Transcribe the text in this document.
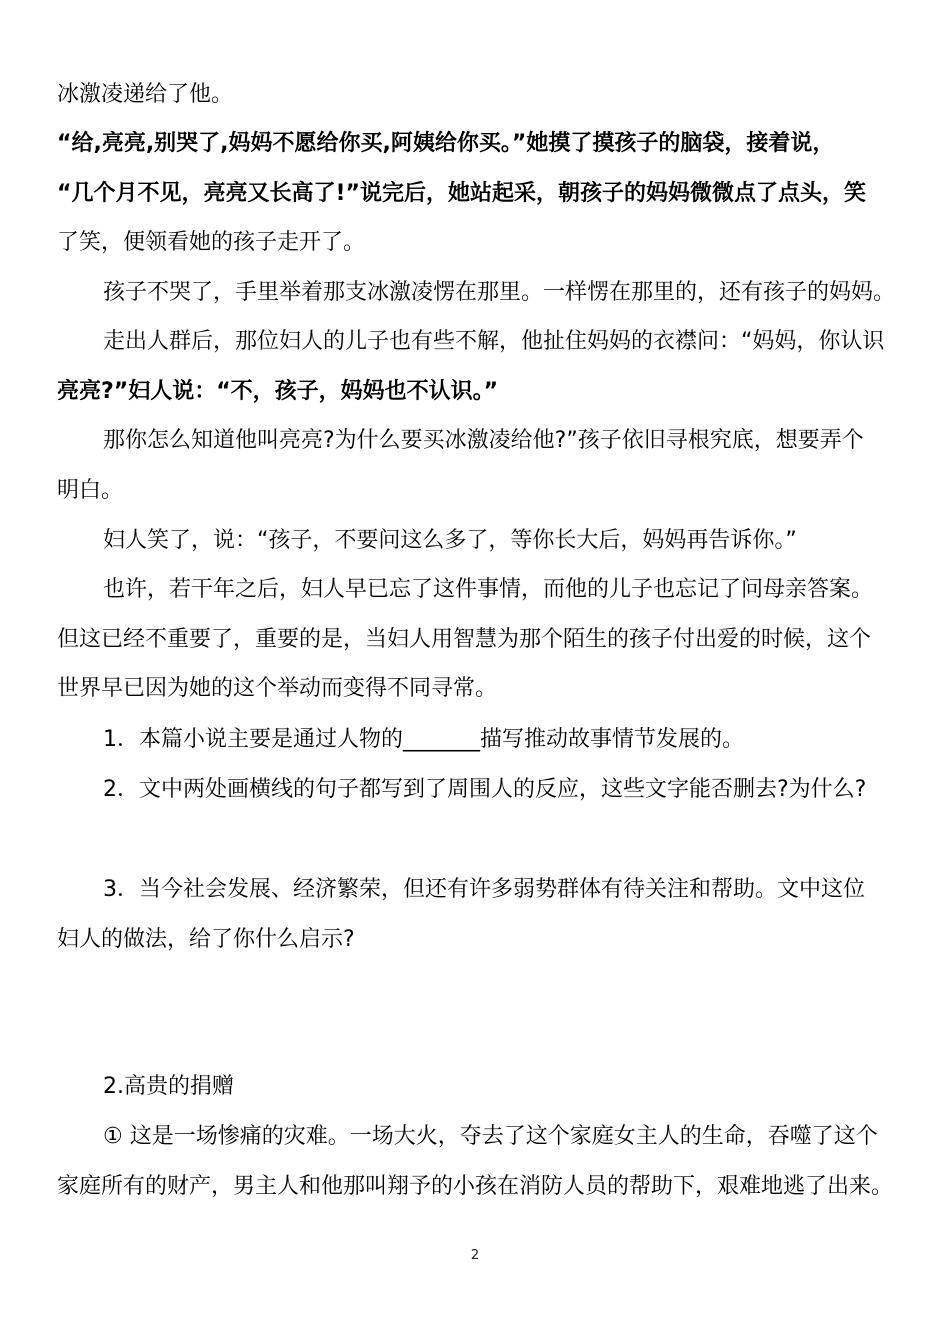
冰激凌递给了他。
“给,亮亮,别哭了,妈妈不愿给你买,阿姨给你买。”她摸了摸孩子的脑袋，接着说，
“几个月不见，亮亮又长高了!”说完后，她站起采，朝孩子的妈妈微微点了点头，笑
了笑，便领看她的孩子走开了。
孩子不哭了，手里举着那支冰激凌愣在那里。一样愣在那里的，还有孩子的妈妈。
走出人群后，那位妇人的儿子也有些不解，他扯住妈妈的衣襟问：“妈妈，你认识
亮亮?”妇人说：“不，孩子，妈妈也不认识。”
那你怎么知道他叫亮亮?为什么要买冰激凌给他?”孩子依旧寻根究底，想要弄个
明白。
妇人笑了，说：“孩子，不要问这么多了，等你长大后，妈妈再告诉你。”
也许，若干年之后，妇人早已忘了这件事情，而他的儿子也忘记了问母亲答案。
但这已经不重要了，重要的是，当妇人用智慧为那个陌生的孩子付出爱的时候，这个
世界早已因为她的这个举动而变得不同寻常。
1．本篇小说主要是通过人物的_______描写推动故事情节发展的。
2．文中两处画横线的句子都写到了周围人的反应，这些文字能否删去?为什么?
3．当今社会发展、经济繁荣，但还有许多弱势群体有待关注和帮助。文中这位
妇人的做法，给了你什么启示?
2.高贵的捐赠
① 这是一场惨痛的灾难。一场大火，夺去了这个家庭女主人的生命，吞噬了这个
家庭所有的财产，男主人和他那叫翔予的小孩在消防人员的帮助下，艰难地逃了出来。
2
